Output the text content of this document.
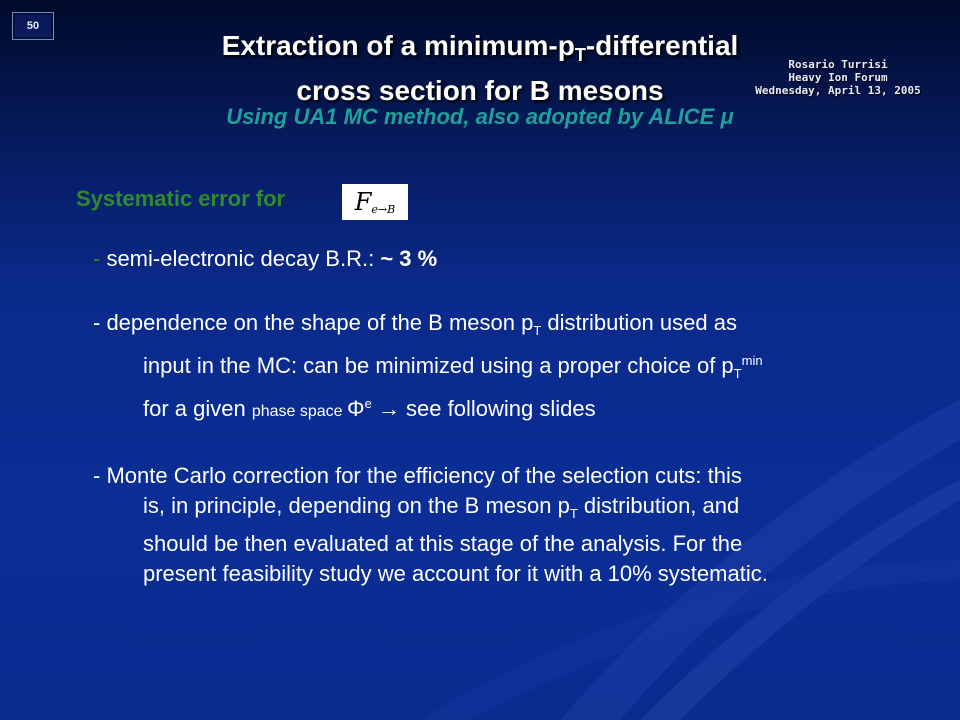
50
Extraction of a minimum-$p_T$-differential
cross section for B mesons
Using UA1 MC method, also adopted by ALICE μ
Rosario Turrisi
Heavy Ion Forum
Wednesday, April 13, 2005
Systematic error for	F e→B

- semi-electronic decay B.R.: ~ 3 %

- dependence on the shape of the B meson $p_T$ distribution used as

input in the MC: can be minimized using a proper choice of $p_T^{min}$

for a given phase space $\Phi^e$ → see following slides

- Monte Carlo correction for the efficiency of the selection cuts: this

is, in principle, depending on the B meson $p_T$ distribution, and

should be then evaluated at this stage of the analysis. For the

present feasibility study we account for it with a 10% systematic.
